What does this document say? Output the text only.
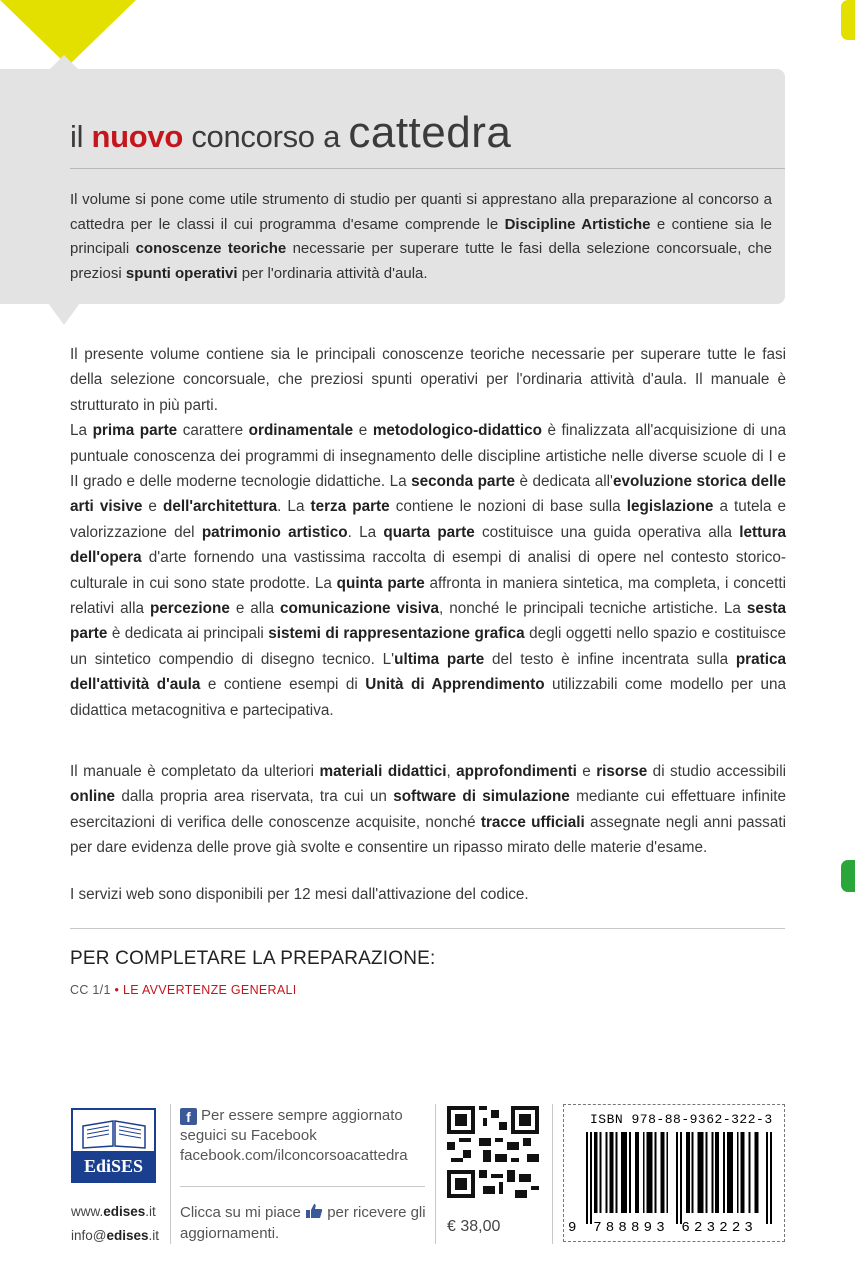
il nuovo concorso a cattedra

Il volume si pone come utile strumento di studio per quanti si apprestano alla preparazione al concorso a cattedra per le classi il cui programma d'esame comprende le Discipline Artistiche e contiene sia le principali conoscenze teoriche necessarie per superare tutte le fasi della selezione concorsuale, che preziosi spunti operativi per l'ordinaria attività d'aula.

Il presente volume contiene sia le principali conoscenze teoriche necessarie per superare tutte le fasi della selezione concorsuale, che preziosi spunti operativi per l'ordinaria attività d'aula. Il manuale è strutturato in più parti.
La prima parte carattere ordinamentale e metodologico-didattico è finalizzata all'acquisizione di una puntuale conoscenza dei programmi di insegnamento delle discipline artistiche nelle diverse scuole di I e II grado e delle moderne tecnologie didattiche. La seconda parte è dedicata all'evoluzione storica delle arti visive e dell'architettura. La terza parte contiene le nozioni di base sulla legislazione a tutela e valorizzazione del patrimonio artistico. La quarta parte costituisce una guida operativa alla lettura dell'opera d'arte fornendo una vastissima raccolta di esempi di analisi di opere nel contesto storico-culturale in cui sono state prodotte. La quinta parte affronta in maniera sintetica, ma completa, i concetti relativi alla percezione e alla comunicazione visiva, nonché le principali tecniche artistiche. La sesta parte è dedicata ai principali sistemi di rappresentazione grafica degli oggetti nello spazio e costituisce un sintetico compendio di disegno tecnico. L'ultima parte del testo è infine incentrata sulla pratica dell'attività d'aula e contiene esempi di Unità di Apprendimento utilizzabili come modello per una didattica metacognitiva e partecipativa.

Il manuale è completato da ulteriori materiali didattici, approfondimenti e risorse di studio accessibili online dalla propria area riservata, tra cui un software di simulazione mediante cui effettuare infinite esercitazioni di verifica delle conoscenze acquisite, nonché tracce ufficiali assegnate negli anni passati per dare evidenza delle prove già svolte e consentire un ripasso mirato delle materie d'esame.

I servizi web sono disponibili per 12 mesi dall'attivazione del codice.

PER COMPLETARE LA PREPARAZIONE:
CC 1/1 • LE AVVERTENZE GENERALI
EdiSES
www.edises.it
info@edises.it
f Per essere sempre aggiornato
seguici su Facebook
facebook.com/ilconcorsoacattedra
Clicca su mi piace  per ricevere gli aggiornamenti.	€ 38,00
ISBN 978-88-9362-322-3
9 788893 623223
